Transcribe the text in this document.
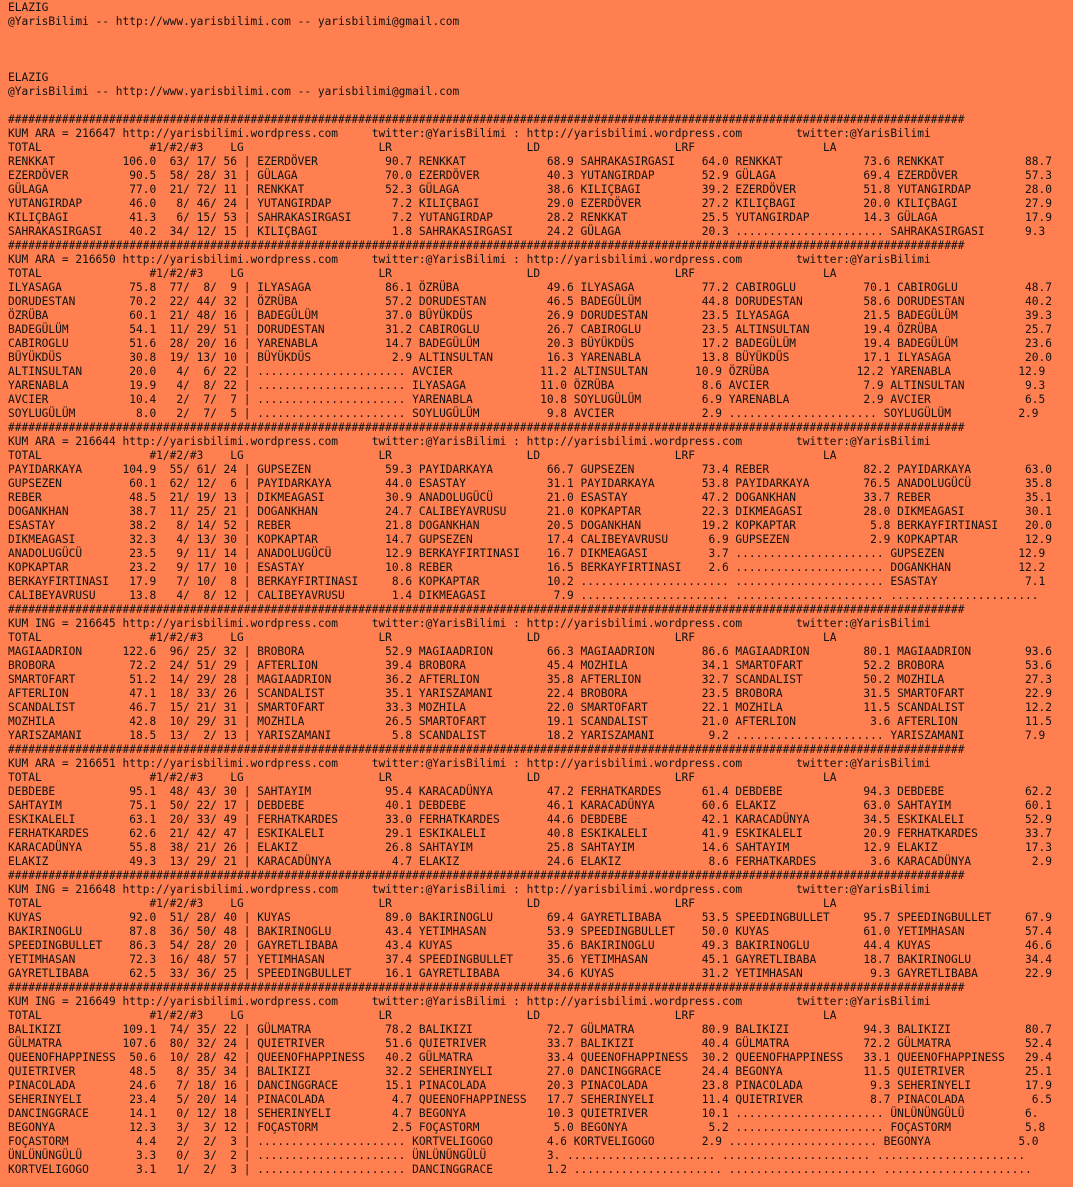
ELAZIG
@YarisBilimi -- http://www.yarisbilimi.com -- yarisbilimi@gmail.com

ELAZIG
@YarisBilimi -- http://www.yarisbilimi.com -- yarisbilimi@gmail.com

##############################################################################################################################################
KUM ARA = 216647 http://yarisbilimi.wordpress.com     twitter:@YarisBilimi : http://yarisbilimi.wordpress.com        twitter:@YarisBilimi
TOTAL                #1/#2/#3    LG                    LR                    LD                    LRF                   LA
RENKKAT          106.0  63/ 17/ 56 | EZERDÖVER          90.7 RENKKAT            68.9 SAHRAKASIRGASI    64.0 RENKKAT            73.6 RENKKAT            88.7
EZERDÖVER         90.5  58/ 28/ 31 | GÜLAGA             70.0 EZERDÖVER          40.3 YUTANGIRDAP       52.9 GÜLAGA             69.4 EZERDÖVER          57.3
GÜLAGA            77.0  21/ 72/ 11 | RENKKAT            52.3 GÜLAGA             38.6 KILIÇBAGI         39.2 EZERDÖVER          51.8 YUTANGIRDAP        28.0
YUTANGIRDAP       46.0   8/ 46/ 24 | YUTANGIRDAP         7.2 KILIÇBAGI          29.0 EZERDÖVER         27.2 KILIÇBAGI          20.0 KILIÇBAGI          27.9
KILIÇBAGI         41.3   6/ 15/ 53 | SAHRAKASIRGASI      7.2 YUTANGIRDAP        28.2 RENKKAT           25.5 YUTANGIRDAP        14.3 GÜLAGA             17.9
SAHRAKASIRGASI    40.2  34/ 12/ 15 | KILIÇBAGI           1.8 SAHRAKASIRGASI     24.2 GÜLAGA            20.3 ...................... SAHRAKASIRGASI      9.3
##############################################################################################################################################
KUM ARA = 216650 http://yarisbilimi.wordpress.com     twitter:@YarisBilimi : http://yarisbilimi.wordpress.com        twitter:@YarisBilimi
TOTAL                #1/#2/#3    LG                    LR                    LD                    LRF                   LA
ILYASAGA          75.8  77/  8/  9 | ILYASAGA           86.1 ÖZRÜBA             49.6 ILYASAGA          77.2 CABIROGLU          70.1 CABIROGLU          48.7
DORUDESTAN        70.2  22/ 44/ 32 | ÖZRÜBA             57.2 DORUDESTAN         46.5 BADEGÜLÜM         44.8 DORUDESTAN         58.6 DORUDESTAN         40.2
ÖZRÜBA            60.1  21/ 48/ 16 | BADEGÜLÜM          37.0 BÜYÜKDÜS           26.9 DORUDESTAN        23.5 ILYASAGA           21.5 BADEGÜLÜM          39.3
BADEGÜLÜM         54.1  11/ 29/ 51 | DORUDESTAN         31.2 CABIROGLU          26.7 CABIROGLU         23.5 ALTINSULTAN        19.4 ÖZRÜBA             25.7
CABIROGLU         51.6  28/ 20/ 16 | YARENABLA          14.7 BADEGÜLÜM          20.3 BÜYÜKDÜS          17.2 BADEGÜLÜM          19.4 BADEGÜLÜM          23.6
BÜYÜKDÜS          30.8  19/ 13/ 10 | BÜYÜKDÜS            2.9 ALTINSULTAN        16.3 YARENABLA         13.8 BÜYÜKDÜS           17.1 ILYASAGA           20.0
ALTINSULTAN       20.0   4/  6/ 22 | ...................... AVCIER             11.2 ALTINSULTAN       10.9 ÖZRÜBA             12.2 YARENABLA          12.9
YARENABLA         19.9   4/  8/ 22 | ...................... ILYASAGA           11.0 ÖZRÜBA             8.6 AVCIER              7.9 ALTINSULTAN         9.3
AVCIER            10.4   2/  7/  7 | ...................... YARENABLA          10.8 SOYLUGÜLÜM         6.9 YARENABLA           2.9 AVCIER              6.5
SOYLUGÜLÜM         8.0   2/  7/  5 | ...................... SOYLUGÜLÜM          9.8 AVCIER             2.9 ...................... SOYLUGÜLÜM          2.9
##############################################################################################################################################
KUM ARA = 216644 http://yarisbilimi.wordpress.com     twitter:@YarisBilimi : http://yarisbilimi.wordpress.com        twitter:@YarisBilimi
TOTAL                #1/#2/#3    LG                    LR                    LD                    LRF                   LA
PAYIDARKAYA      104.9  55/ 61/ 24 | GUPSEZEN           59.3 PAYIDARKAYA        66.7 GUPSEZEN          73.4 REBER              82.2 PAYIDARKAYA        63.0
GUPSEZEN          60.1  62/ 12/  6 | PAYIDARKAYA        44.0 ESASTAY            31.1 PAYIDARKAYA       53.8 PAYIDARKAYA        76.5 ANADOLUGÜCÜ        35.8
REBER             48.5  21/ 19/ 13 | DIKMEAGASI         30.9 ANADOLUGÜCÜ        21.0 ESASTAY           47.2 DOGANKHAN          33.7 REBER              35.1
DOGANKHAN         38.7  11/ 25/ 21 | DOGANKHAN          24.7 CALIBEYAVRUSU      21.0 KOPKAPTAR         22.3 DIKMEAGASI         28.0 DIKMEAGASI         30.1
ESASTAY           38.2   8/ 14/ 52 | REBER              21.8 DOGANKHAN          20.5 DOGANKHAN         19.2 KOPKAPTAR           5.8 BERKAYFIRTINASI    20.0
DIKMEAGASI        32.3   4/ 13/ 30 | KOPKAPTAR          14.7 GUPSEZEN           17.4 CALIBEYAVRUSU      6.9 GUPSEZEN            2.9 KOPKAPTAR          12.9
ANADOLUGÜCÜ       23.5   9/ 11/ 14 | ANADOLUGÜCÜ        12.9 BERKAYFIRTINASI    16.7 DIKMEAGASI         3.7 ...................... GUPSEZEN           12.9
KOPKAPTAR         23.2   9/ 17/ 10 | ESASTAY            10.8 REBER              16.5 BERKAYFIRTINASI    2.6 ...................... DOGANKHAN          12.2
BERKAYFIRTINASI   17.9   7/ 10/  8 | BERKAYFIRTINASI     8.6 KOPKAPTAR          10.2 ...................... ...................... ESASTAY             7.1
CALIBEYAVRUSU     13.8   4/  8/ 12 | CALIBEYAVRUSU       1.4 DIKMEAGASI          7.9 ...................... ...................... ......................
##############################################################################################################################################
KUM ING = 216645 http://yarisbilimi.wordpress.com     twitter:@YarisBilimi : http://yarisbilimi.wordpress.com        twitter:@YarisBilimi
TOTAL                #1/#2/#3    LG                    LR                    LD                    LRF                   LA
MAGIAADRION      122.6  96/ 25/ 32 | BROBORA            52.9 MAGIAADRION        66.3 MAGIAADRION       86.6 MAGIAADRION        80.1 MAGIAADRION        93.6
BROBORA           72.2  24/ 51/ 29 | AFTERLION          39.4 BROBORA            45.4 MOZHILA           34.1 SMARTOFART         52.2 BROBORA            53.6
SMARTOFART        51.2  14/ 29/ 28 | MAGIAADRION        36.2 AFTERLION          35.8 AFTERLION         32.7 SCANDALIST         50.2 MOZHILA            27.3
AFTERLION         47.1  18/ 33/ 26 | SCANDALIST         35.1 YARISZAMANI        22.4 BROBORA           23.5 BROBORA            31.5 SMARTOFART         22.9
SCANDALIST        46.7  15/ 21/ 31 | SMARTOFART         33.3 MOZHILA            22.0 SMARTOFART        22.1 MOZHILA            11.5 SCANDALIST         12.2
MOZHILA           42.8  10/ 29/ 31 | MOZHILA            26.5 SMARTOFART         19.1 SCANDALIST        21.0 AFTERLION           3.6 AFTERLION          11.5
YARISZAMANI       18.5  13/  2/ 13 | YARISZAMANI         5.8 SCANDALIST         18.2 YARISZAMANI        9.2 ...................... YARISZAMANI         7.9
##############################################################################################################################################
KUM ARA = 216651 http://yarisbilimi.wordpress.com     twitter:@YarisBilimi : http://yarisbilimi.wordpress.com        twitter:@YarisBilimi
TOTAL                #1/#2/#3    LG                    LR                    LD                    LRF                   LA
DEBDEBE           95.1  48/ 43/ 30 | SAHTAYIM           95.4 KARACADÜNYA        47.2 FERHATKARDES      61.4 DEBDEBE            94.3 DEBDEBE            62.2
SAHTAYIM          75.1  50/ 22/ 17 | DEBDEBE            40.1 DEBDEBE            46.1 KARACADÜNYA       60.6 ELAKIZ             63.0 SAHTAYIM           60.1
ESKIKALELI        63.1  20/ 33/ 49 | FERHATKARDES       33.0 FERHATKARDES       44.6 DEBDEBE           42.1 KARACADÜNYA        34.5 ESKIKALELI         52.9
FERHATKARDES      62.6  21/ 42/ 47 | ESKIKALELI         29.1 ESKIKALELI         40.8 ESKIKALELI        41.9 ESKIKALELI         20.9 FERHATKARDES       33.7
KARACADÜNYA       55.8  38/ 21/ 26 | ELAKIZ             26.8 SAHTAYIM           25.8 SAHTAYIM          14.6 SAHTAYIM           12.9 ELAKIZ             17.3
ELAKIZ            49.3  13/ 29/ 21 | KARACADÜNYA         4.7 ELAKIZ             24.6 ELAKIZ             8.6 FERHATKARDES        3.6 KARACADÜNYA         2.9
##############################################################################################################################################
KUM ING = 216648 http://yarisbilimi.wordpress.com     twitter:@YarisBilimi : http://yarisbilimi.wordpress.com        twitter:@YarisBilimi
TOTAL                #1/#2/#3    LG                    LR                    LD                    LRF                   LA
KUYAS             92.0  51/ 28/ 40 | KUYAS              89.0 BAKIRINOGLU        69.4 GAYRETLIBABA      53.5 SPEEDINGBULLET     95.7 SPEEDINGBULLET     67.9
BAKIRINOGLU       87.8  36/ 50/ 48 | BAKIRINOGLU        43.4 YETIMHASAN         53.9 SPEEDINGBULLET    50.0 KUYAS              61.0 YETIMHASAN         57.4
SPEEDINGBULLET    86.3  54/ 28/ 20 | GAYRETLIBABA       43.4 KUYAS              35.6 BAKIRINOGLU       49.3 BAKIRINOGLU        44.4 KUYAS              46.6
YETIMHASAN        72.3  16/ 48/ 57 | YETIMHASAN         37.4 SPEEDINGBULLET     35.6 YETIMHASAN        45.1 GAYRETLIBABA       18.7 BAKIRINOGLU        34.4
GAYRETLIBABA      62.5  33/ 36/ 25 | SPEEDINGBULLET     16.1 GAYRETLIBABA       34.6 KUYAS             31.2 YETIMHASAN          9.3 GAYRETLIBABA       22.9
##############################################################################################################################################
KUM ING = 216649 http://yarisbilimi.wordpress.com     twitter:@YarisBilimi : http://yarisbilimi.wordpress.com        twitter:@YarisBilimi
TOTAL                #1/#2/#3    LG                    LR                    LD                    LRF                   LA
BALIKIZI         109.1  74/ 35/ 22 | GÜLMATRA           78.2 BALIKIZI           72.7 GÜLMATRA          80.9 BALIKIZI           94.3 BALIKIZI           80.7
GÜLMATRA         107.6  80/ 32/ 24 | QUIETRIVER         51.6 QUIETRIVER         33.7 BALIKIZI          40.4 GÜLMATRA           72.2 GÜLMATRA           52.4
QUEENOFHAPPINESS  50.6  10/ 28/ 42 | QUEENOFHAPPINESS   40.2 GÜLMATRA           33.4 QUEENOFHAPPINESS  30.2 QUEENOFHAPPINESS   33.1 QUEENOFHAPPINESS   29.4
QUIETRIVER        48.5   8/ 35/ 34 | BALIKIZI           32.2 SEHERINYELI        27.0 DANCINGGRACE      24.4 BEGONYA            11.5 QUIETRIVER         25.1
PINACOLADA        24.6   7/ 18/ 16 | DANCINGGRACE       15.1 PINACOLADA         20.3 PINACOLADA        23.8 PINACOLADA          9.3 SEHERINYELI        17.9
SEHERINYELI       23.4   5/ 20/ 14 | PINACOLADA          4.7 QUEENOFHAPPINESS   17.7 SEHERINYELI       11.4 QUIETRIVER          8.7 PINACOLADA          6.5
DANCINGGRACE      14.1   0/ 12/ 18 | SEHERINYELI         4.7 BEGONYA            10.3 QUIETRIVER        10.1 ...................... ÜNLÜNÜNGÜLÜ         6.
BEGONYA           12.3   3/  3/ 12 | FOÇASTORM           2.5 FOÇASTORM           5.0 BEGONYA            5.2 ...................... FOÇASTORM           5.8
FOÇASTORM          4.4   2/  2/  3 | ...................... KORTVELIGOGO        4.6 KORTVELIGOGO       2.9 ...................... BEGONYA             5.0
ÜNLÜNÜNGÜLÜ        3.3   0/  3/  2 | ...................... ÜNLÜNÜNGÜLÜ         3. ...................... ...................... ......................
KORTVELIGOGO       3.1   1/  2/  3 | ...................... DANCINGGRACE        1.2 ...................... ...................... ......................
